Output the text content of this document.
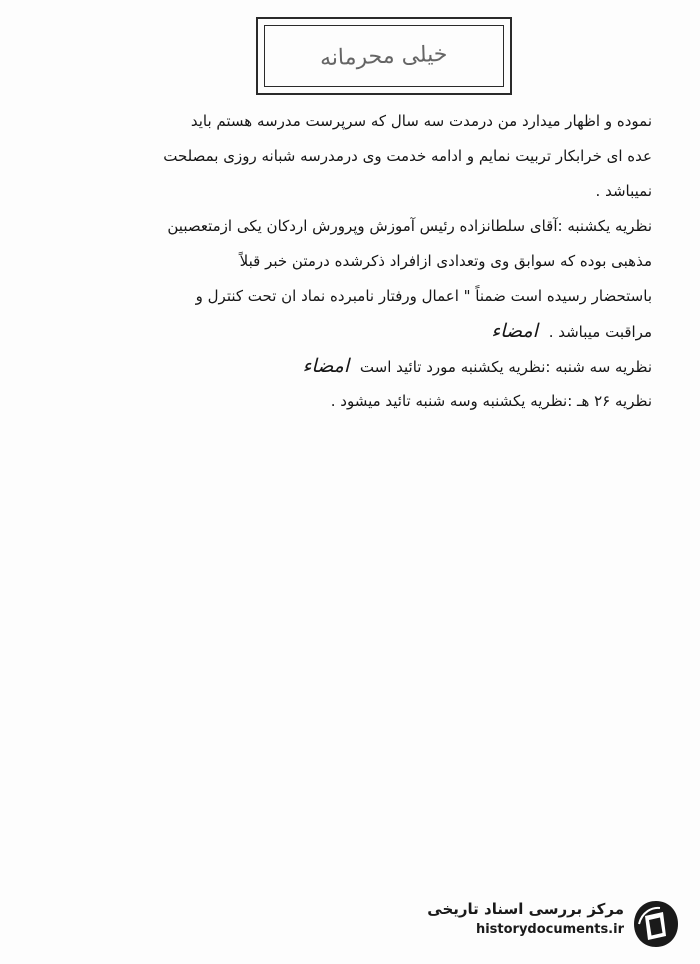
خیلی محرمانه
نموده و اظهار میدارد من درمدت سه سال که سرپرست مدرسه هستم باید
عده ای خرابکار تربیت نمایم و ادامه خدمت وی درمدرسه شبانه روزی بمصلحت
نمیباشد .
نظریه یکشنبه :آقای سلطانزاده رئیس آموزش وپرورش اردکان یکی ازمتعصبین
مذهبی بوده که سوابق وی وتعدادی ازافراد ذکرشده درمتن خبر قبلاً
باستحضار رسیده است ضمناً " اعمال ورفتار نامبرده نماد ان تحت کنترل و
مراقبت میباشد . امضاء
نظریه سه شنبه :نظریه یکشنبه مورد تائید است امضاء
نظریه ۲۶ هـ :نظریه یکشنبه وسه شنبه تائید میشود .
مرکز بررسی اسناد تاریخی
historydocuments.ir
